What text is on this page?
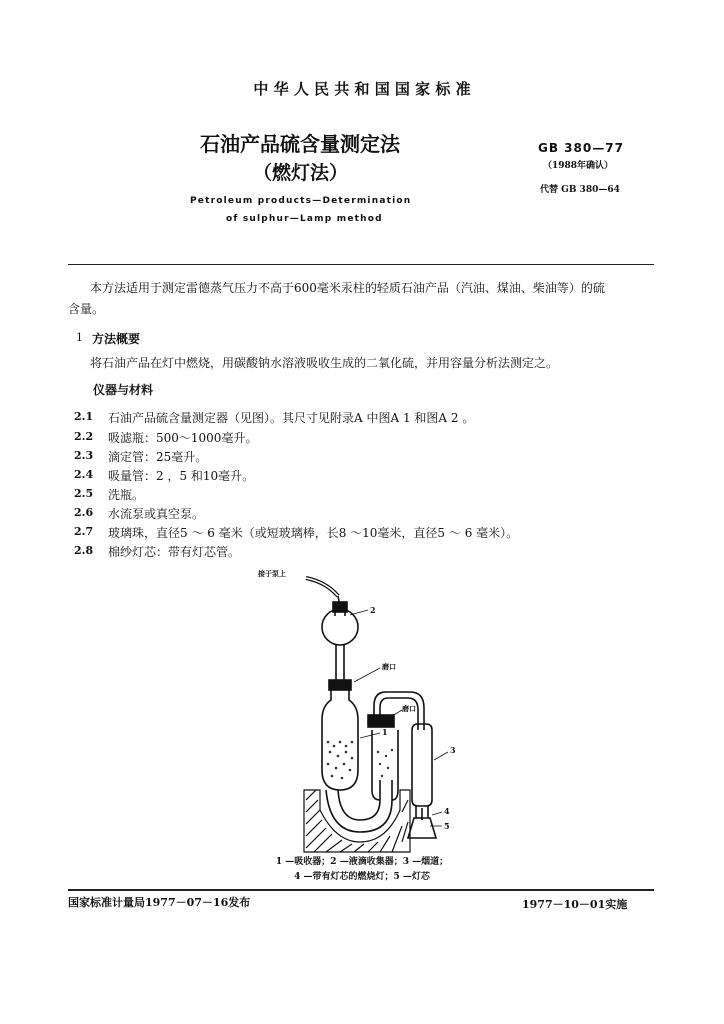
中 华 人 民 共 和 国 国 家 标 准
石油产品硫含量测定法
（燃灯法）
Petroleum products—Determination
of sulphur—Lamp method
GB 380—77
（1988年确认）
代替 GB 380—64
本方法适用于测定雷德蒸气压力不高于600毫米汞柱的轻质石油产品（汽油、煤油、柴油等）的硫
含量。
1 方法概要
将石油产品在灯中燃烧，用碳酸钠水溶液吸收生成的二氧化硫，并用容量分析法测定之。
仪器与材料
2.1	石油产品硫含量测定器（见图）。其尺寸见附录A 中图A 1 和图A 2 。
2.2	吸滤瓶：500～1000毫升。
2.3	滴定管：25毫升。
2.4	吸量管：2 ，5 和10毫升。
2.5	洗瓶。
2.6	水流泵或真空泵。
2.7	玻璃珠，直径5 ～ 6 毫米（或短玻璃棒，长8 ～10毫米，直径5 ～ 6 毫米）。
2.8	棉纱灯芯：带有灯芯管。
接于泵上
2
磨口
磨口
1
3
4
5
1 —吸收器；2 —液滴收集器；3 —烟道；
4 —带有灯芯的燃烧灯；5 —灯芯
国家标准计量局1977－07－16发布	1977－10－01实施
